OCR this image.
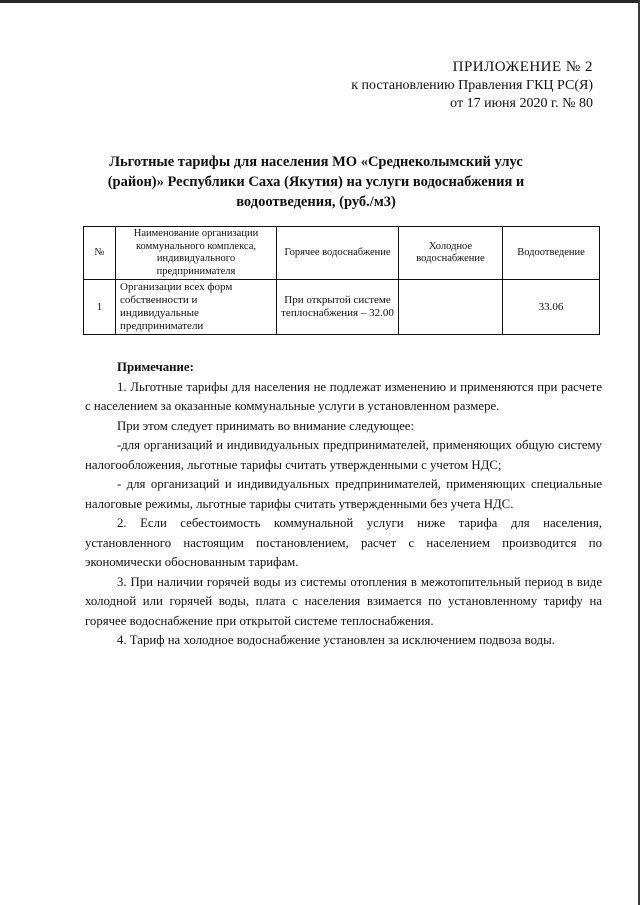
ПРИЛОЖЕНИЕ № 2
к постановлению Правления ГКЦ РС(Я)
от 17 июня 2020 г. № 80
Льготные тарифы для населения МО «Среднеколымский улус
(район)» Республики Саха (Якутия) на услуги водоснабжения и
водоотведения, (руб./м3)
№	Наименование организации коммунального комплекса, индивидуального предпринимателя	Горячее водоснабжение	Холодное водоснабжение	Водоотведение
1	Организации всех форм собственности и индивидуальные предприниматели	При открытой системе теплоснабжения – 32.00		33.06

Примечание:

1. Льготные тарифы для населения не подлежат изменению и применяются при расчете с населением за оказанные коммунальные услуги в установленном размере.

При этом следует принимать во внимание следующее:

-для организаций и индивидуальных предпринимателей, применяющих общую систему налогообложения, льготные тарифы считать утвержденными с учетом НДС;

- для организаций и индивидуальных предпринимателей, применяющих специальные налоговые режимы, льготные тарифы считать утвержденными без учета НДС.

2. Если себестоимость коммунальной услуги ниже тарифа для населения, установленного настоящим постановлением, расчет с населением производится по экономически обоснованным тарифам.

3. При наличии горячей воды из системы отопления в межотопительный период в виде холодной или горячей воды, плата с населения взимается по установленному тарифу на горячее водоснабжение при открытой системе теплоснабжения.

4. Тариф на холодное водоснабжение установлен за исключением подвоза воды.
